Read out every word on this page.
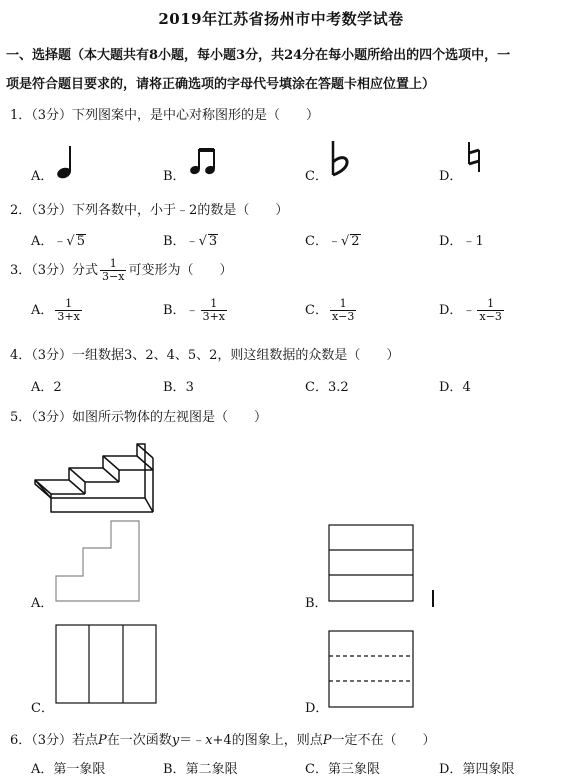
2019年江苏省扬州市中考数学试卷
一、选择题（本大题共有8小题，每小题3分，共24分在每小题所给出的四个选项中，一
项是符合题目要求的，请将正确选项的字母代号填涂在答题卡相应位置上）
1．（3分）下列图案中，是中心对称图形的是（　　）
A．	B．	C．	D．
2．（3分）下列各数中，小于﹣2的数是（　　）
A．﹣√ 5	B．﹣√ 3	C．﹣√ 2	D．﹣1
3．（3分）分式 $\frac{1}{3-x}$ 可变形为（　　）
A． $\frac{1}{3+x}$	B．﹣ $\frac{1}{3+x}$	C． $\frac{1}{x-3}$	D．﹣ $\frac{1}{x-3}$
4．（3分）一组数据3、2、4、5、2，则这组数据的众数是（　　）
A．2	B．3	C．3.2	D．4
5．（3分）如图所示物体的左视图是（　　）
A．	B．
C．	D．
6．（3分）若点P在一次函数y＝﹣x+4的图象上，则点P一定不在（　　）
A．第一象限	B．第二象限	C．第三象限	D．第四象限
